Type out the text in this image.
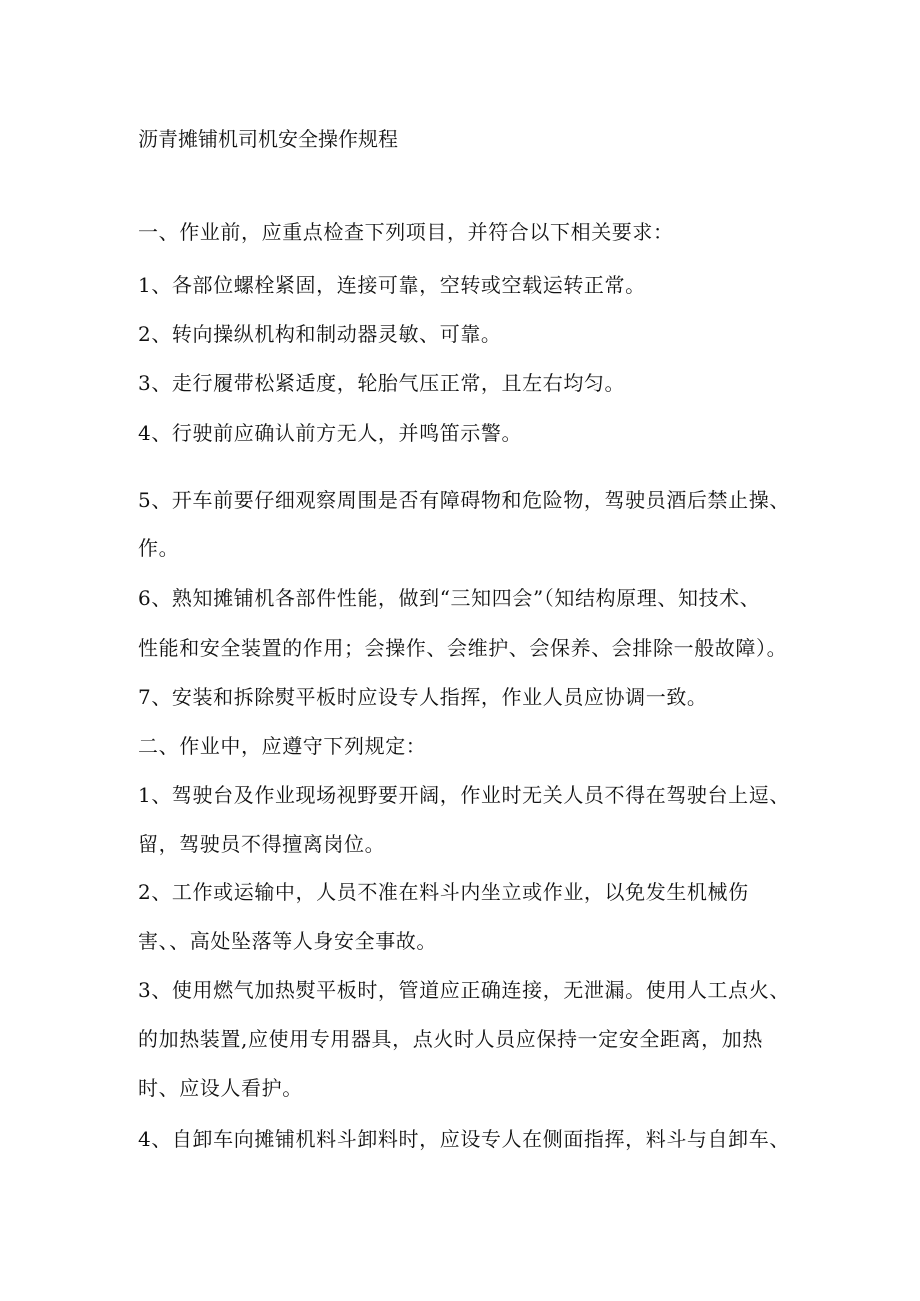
沥青摊铺机司机安全操作规程
一、作业前，应重点检查下列项目，并符合以下相关要求：
1、各部位螺栓紧固，连接可靠，空转或空载运转正常。
2、转向操纵机构和制动器灵敏、可靠。
3、走行履带松紧适度，轮胎气压正常，且左右均匀。
4、行驶前应确认前方无人，并鸣笛示警。
5、开车前要仔细观察周围是否有障碍物和危险物，驾驶员酒后禁止操、
作。
6、熟知摊铺机各部件性能，做到“三知四会”（知结构原理、知技术、
性能和安全装置的作用；会操作、会维护、会保养、会排除一般故障）。
7、安装和拆除熨平板时应设专人指挥，作业人员应协调一致。
二、作业中，应遵守下列规定：
1、驾驶台及作业现场视野要开阔，作业时无关人员不得在驾驶台上逗、
留，驾驶员不得擅离岗位。
2、工作或运输中，人员不准在料斗内坐立或作业，以免发生机械伤
害、、高处坠落等人身安全事故。
3、使用燃气加热熨平板时，管道应正确连接，无泄漏。使用人工点火、
的加热装置,应使用专用器具，点火时人员应保持一定安全距离，加热
时、应设人看护。
4、自卸车向摊铺机料斗卸料时，应设专人在侧面指挥，料斗与自卸车、
